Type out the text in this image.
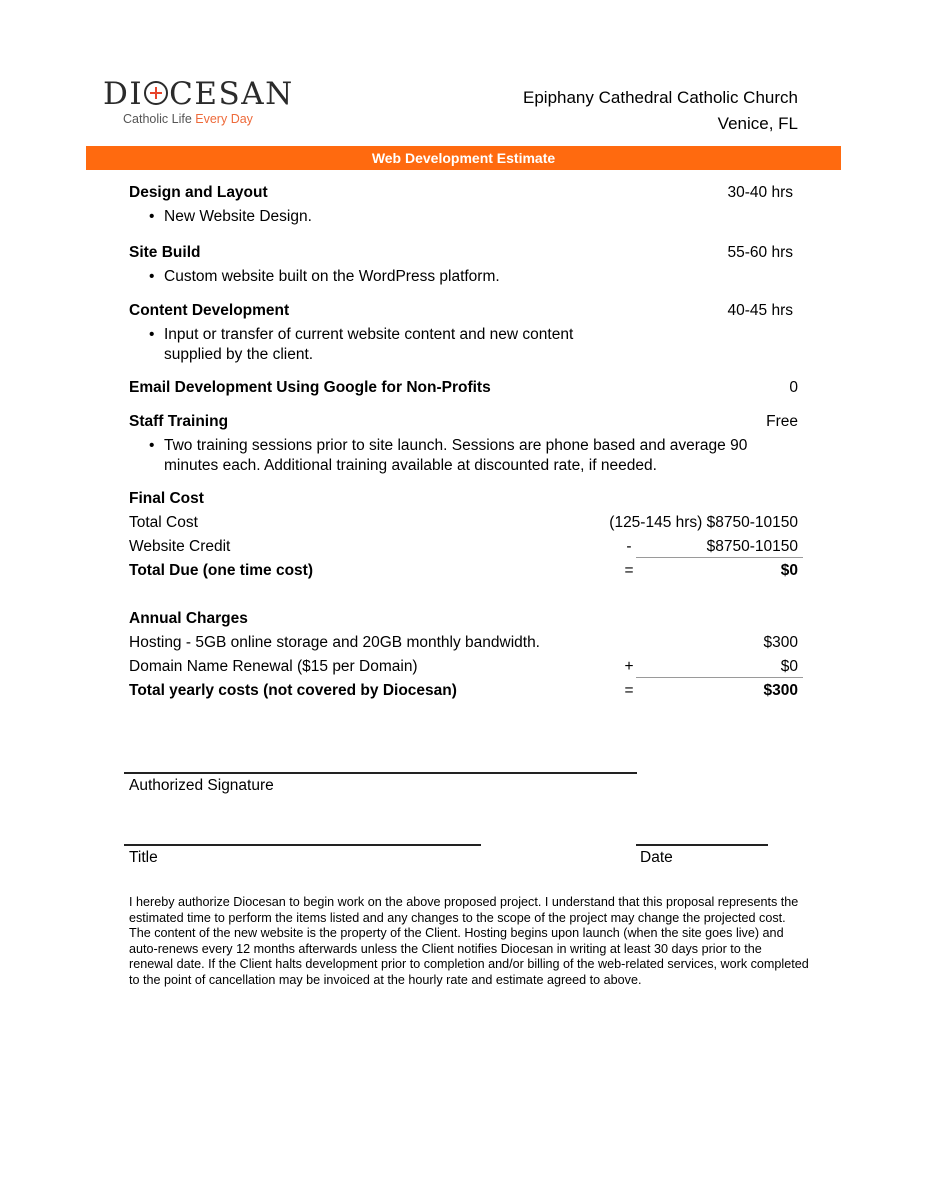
DI CESAN
Catholic Life Every Day
Epiphany Cathedral Catholic Church
Venice, FL
Web Development Estimate
Design and Layout	30-40 hrs
• New Website Design.
Site Build	55-60 hrs
• Custom website built on the WordPress platform.
Content Development	40-45 hrs
• Input or transfer of current website content and new content supplied by the client.
Email Development Using Google for Non-Profits	0
Staff Training	Free
• Two training sessions prior to site launch. Sessions are phone based and average 90 minutes each. Additional training available at discounted rate, if needed.
Final Cost
Total Cost	(125-145 hrs) $8750-10150
Website Credit	-	$8750-10150
Total Due (one time cost)	=	$0
Annual Charges
Hosting - 5GB online storage and 20GB monthly bandwidth.	$300
Domain Name Renewal ($15 per Domain)	+	$0
Total yearly costs (not covered by Diocesan)	=	$300
Authorized Signature
Title	Date
I hereby authorize Diocesan to begin work on the above proposed project. I understand that this proposal represents the estimated time to perform the items listed and any changes to the scope of the project may change the projected cost. The content of the new website is the property of the Client. Hosting begins upon launch (when the site goes live) and auto-renews every 12 months afterwards unless the Client notifies Diocesan in writing at least 30 days prior to the renewal date. If the Client halts development prior to completion and/or billing of the web-related services, work completed to the point of cancellation may be invoiced at the hourly rate and estimate agreed to above.
